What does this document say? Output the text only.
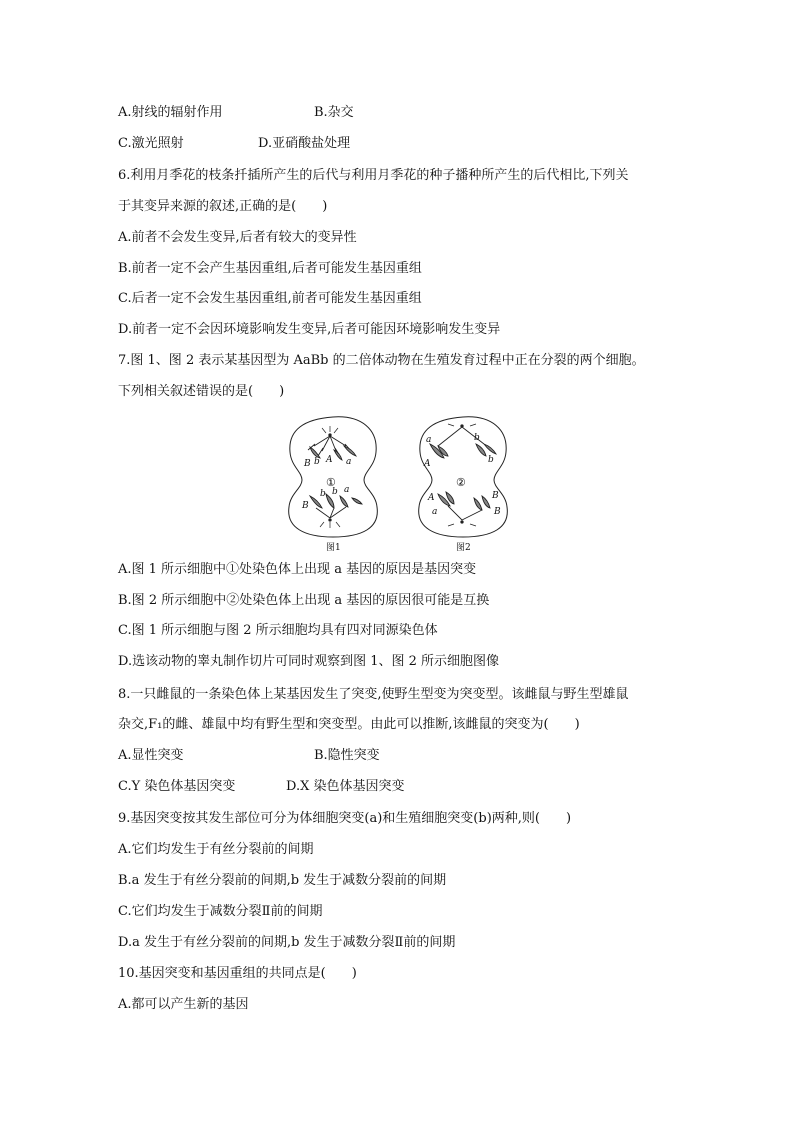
A.射线的辐射作用	B.杂交
C.激光照射	D.亚硝酸盐处理
6.利用月季花的枝条扦插所产生的后代与利用月季花的种子播种所产生的后代相比,下列关
于其变异来源的叙述,正确的是(　　)
A.前者不会发生变异,后者有较大的变异性
B.前者一定不会产生基因重组,后者可能发生基因重组
C.后者一定不会发生基因重组,前者可能发生基因重组
D.前者一定不会因环境影响发生变异,后者可能因环境影响发生变异
7.图 1、图 2 表示某基因型为 AaBb 的二倍体动物在生殖发育过程中正在分裂的两个细胞。
下列相关叙述错误的是(　　)
B b A a
①
B
b b a
a
A
b
b
②
A
a
B
B
图1	图2
A.图 1 所示细胞中①处染色体上出现 a 基因的原因是基因突变
B.图 2 所示细胞中②处染色体上出现 a 基因的原因很可能是互换
C.图 1 所示细胞与图 2 所示细胞均具有四对同源染色体
D.选该动物的睾丸制作切片可同时观察到图 1、图 2 所示细胞图像
8.一只雌鼠的一条染色体上某基因发生了突变,使野生型变为突变型。该雌鼠与野生型雄鼠
杂交,F₁的雌、雄鼠中均有野生型和突变型。由此可以推断,该雌鼠的突变为(　　)
A.显性突变	B.隐性突变
C.Y 染色体基因突变	D.X 染色体基因突变
9.基因突变按其发生部位可分为体细胞突变(a)和生殖细胞突变(b)两种,则(　　)
A.它们均发生于有丝分裂前的间期
B.a 发生于有丝分裂前的间期,b 发生于减数分裂前的间期
C.它们均发生于减数分裂Ⅱ前的间期
D.a 发生于有丝分裂前的间期,b 发生于减数分裂Ⅱ前的间期
10.基因突变和基因重组的共同点是(　　)
A.都可以产生新的基因
